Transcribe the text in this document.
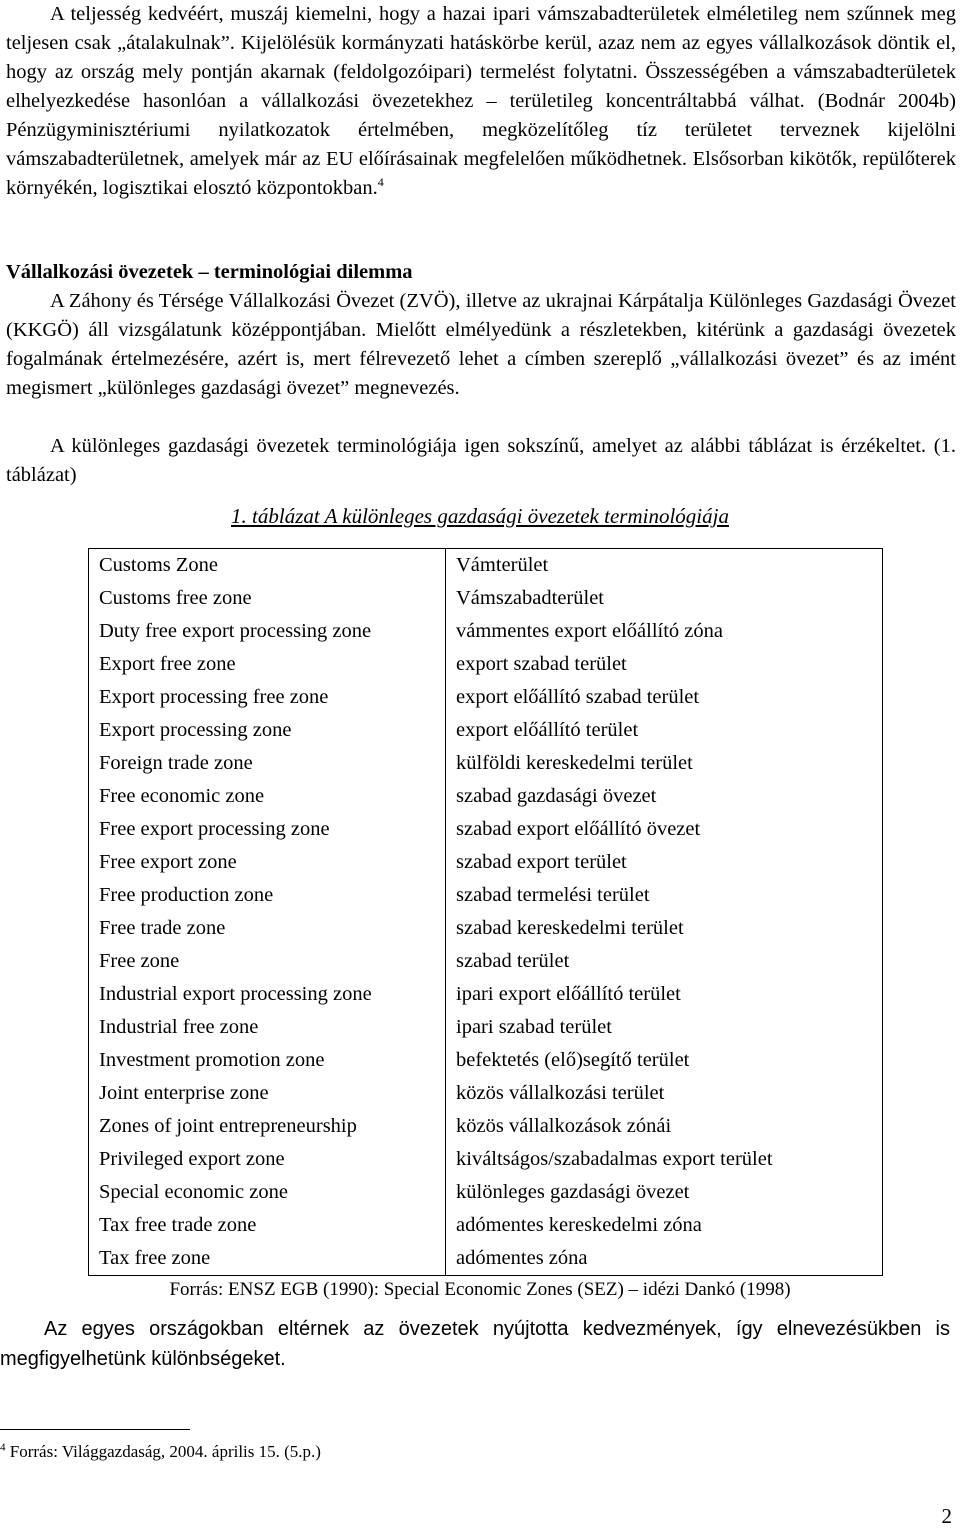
A teljesség kedvéért, muszáj kiemelni, hogy a hazai ipari vámszabadterületek elméletileg nem szűnnek meg teljesen csak „átalakulnak”. Kijelölésük kormányzati hatáskörbe kerül, azaz nem az egyes vállalkozások döntik el, hogy az ország mely pontján akarnak (feldolgozóipari) termelést folytatni. Összességében a vámszabadterületek elhelyezkedése hasonlóan a vállalkozási övezetekhez – területileg koncentráltabbá válhat. (Bodnár 2004b) Pénzügyminisztériumi nyilatkozatok értelmében, megközelítőleg tíz területet terveznek kijelölni vámszabadterületnek, amelyek már az EU előírásainak megfelelően működhetnek. Elsősorban kikötők, repülőterek környékén, logisztikai elosztó központokban.$^4$

Vállalkozási övezetek – terminológiai dilemma

A Záhony és Térsége Vállalkozási Övezet (ZVÖ), illetve az ukrajnai Kárpátalja Különleges Gazdasági Övezet (KKGÖ) áll vizsgálatunk középpontjában. Mielőtt elmélyedünk a részletekben, kitérünk a gazdasági övezetek fogalmának értelmezésére, azért is, mert félrevezető lehet a címben szereplő „vállalkozási övezet” és az imént megismert „különleges gazdasági övezet” megnevezés.

A különleges gazdasági övezetek terminológiája igen sokszínű, amelyet az alábbi táblázat is érzékeltet. (1. táblázat)

1. táblázat A különleges gazdasági övezetek terminológiája
Customs Zone	Vámterület
Customs free zone	Vámszabadterület
Duty free export processing zone	vámmentes export előállító zóna
Export free zone	export szabad terület
Export processing free zone	export előállító szabad terület
Export processing zone	export előállító terület
Foreign trade zone	külföldi kereskedelmi terület
Free economic zone	szabad gazdasági övezet
Free export processing zone	szabad export előállító övezet
Free export zone	szabad export terület
Free production zone	szabad termelési terület
Free trade zone	szabad kereskedelmi terület
Free zone	szabad terület
Industrial export processing zone	ipari export előállító terület
Industrial free zone	ipari szabad terület
Investment promotion zone	befektetés (elő)segítő terület
Joint enterprise zone	közös vállalkozási terület
Zones of joint entrepreneurship	közös vállalkozások zónái
Privileged export zone	kiváltságos/szabadalmas export terület
Special economic zone	különleges gazdasági övezet
Tax free trade zone	adómentes kereskedelmi zóna
Tax free zone	adómentes zóna
Forrás: ENSZ EGB (1990): Special Economic Zones (SEZ) – idézi Dankó (1998)

Az egyes országokban eltérnek az övezetek nyújtotta kedvezmények, így elnevezésükben is megfigyelhetünk különbségeket.

$^4$ Forrás: Világgazdaság, 2004. április 15. (5.p.)
2
